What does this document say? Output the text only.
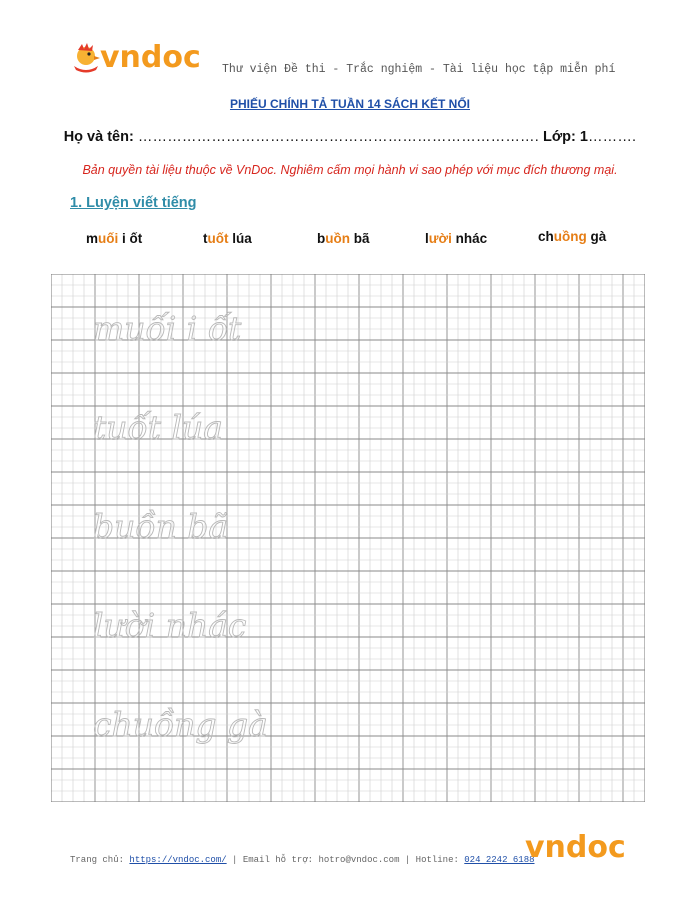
vndoc Thư viện Đề thi - Trắc nghiệm - Tài liệu học tập miễn phí
PHIẾU CHÍNH TẢ TUẦN 14 SÁCH KẾT NỐI
Họ và tên: ………………………………………………………………………. Lớp: 1……….
Bản quyền tài liệu thuộc về VnDoc. Nghiêm cấm mọi hành vi sao phép với mục đích thương mại.
1. Luyện viết tiếng
muối i ốt	tuốt lúa	buồn bã	lười nhác	chuồng gà
muối i ốt
tuốt lúa
buồn bã
lười nhác
chuồng gà
Trang chủ: https://vndoc.com/ | Email hỗ trợ: hotro@vndoc.com | Hotline: 024 2242 6188
vndoc
